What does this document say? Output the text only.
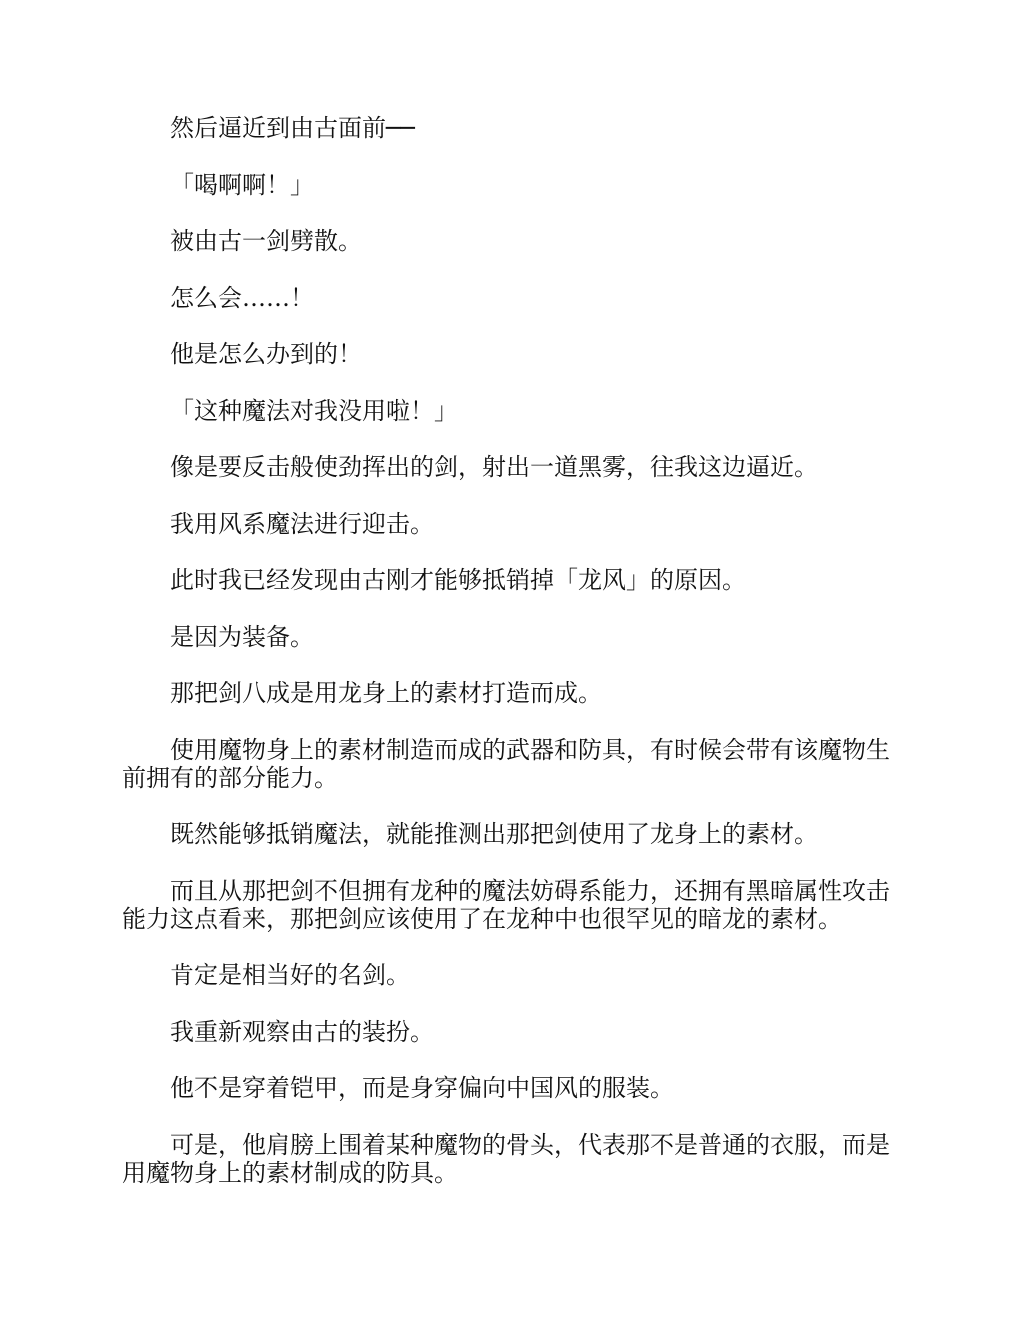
然后逼近到由古面前──

「喝啊啊！」

被由古一剑劈散。

怎么会……！

他是怎么办到的！

「这种魔法对我没用啦！」

像是要反击般使劲挥出的剑，射出一道黑雾，往我这边逼近。

我用风系魔法进行迎击。

此时我已经发现由古刚才能够抵销掉「龙风」的原因。

是因为装备。

那把剑八成是用龙身上的素材打造而成。

使用魔物身上的素材制造而成的武器和防具，有时候会带有该魔物生前拥有的部分能力。

既然能够抵销魔法，就能推测出那把剑使用了龙身上的素材。

而且从那把剑不但拥有龙种的魔法妨碍系能力，还拥有黑暗属性攻击能力这点看来，那把剑应该使用了在龙种中也很罕见的暗龙的素材。

肯定是相当好的名剑。

我重新观察由古的装扮。

他不是穿着铠甲，而是身穿偏向中国风的服装。

可是，他肩膀上围着某种魔物的骨头，代表那不是普通的衣服，而是用魔物身上的素材制成的防具。
